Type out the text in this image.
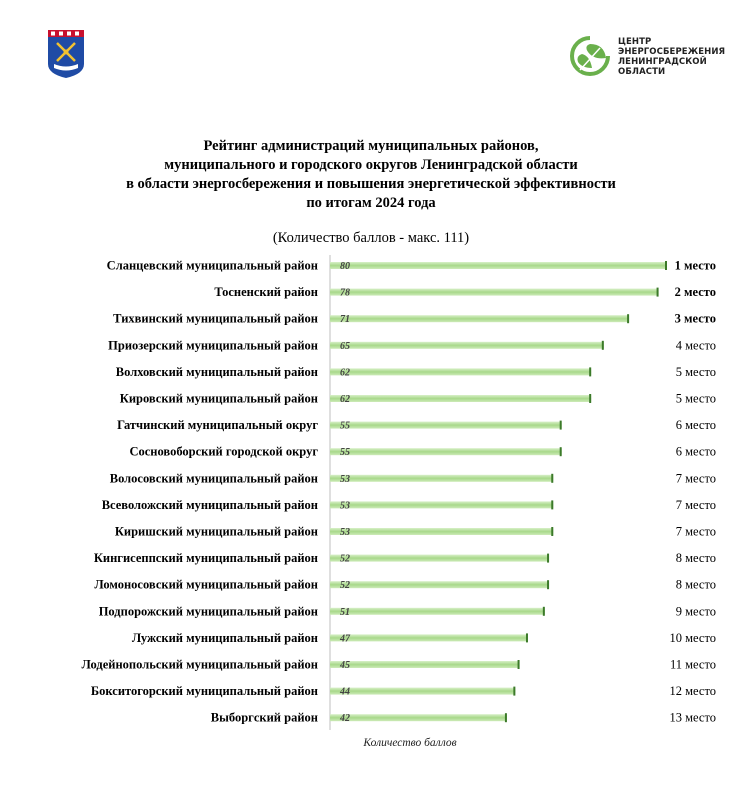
ЦЕНТР
ЭНЕРГОСБЕРЕЖЕНИЯ
ЛЕНИНГРАДСКОЙ
ОБЛАСТИ
Рейтинг администраций муниципальных районов,
муниципального и городского округов Ленинградской области
в области энергосбережения и повышения энергетической эффективности
по итогам 2024 года
(Количество баллов - макс. 111)
Сланцевский муниципальный район 80	1 место
Тосненский район 78	2 место
Тихвинский муниципальный район 71	3 место
Приозерский муниципальный район 65	4 место
Волховский муниципальный район 62	5 место
Кировский муниципальный район 62	5 место
Гатчинский муниципальный округ 55	6 место
Сосновоборский городской округ 55	6 место
Волосовский муниципальный район 53	7 место
Всеволожский муниципальный район 53	7 место
Киришский муниципальный район 53	7 место
Кингисеппский муниципальный район 52	8 место
Ломоносовский муниципальный район 52	8 место
Подпорожский муниципальный район 51	9 место
Лужский муниципальный район 47	10 место
Лодейнопольский муниципальный район 45	11 место
Бокситогорский муниципальный район 44	12 место
Выборгский район 42	13 место
Количество баллов
